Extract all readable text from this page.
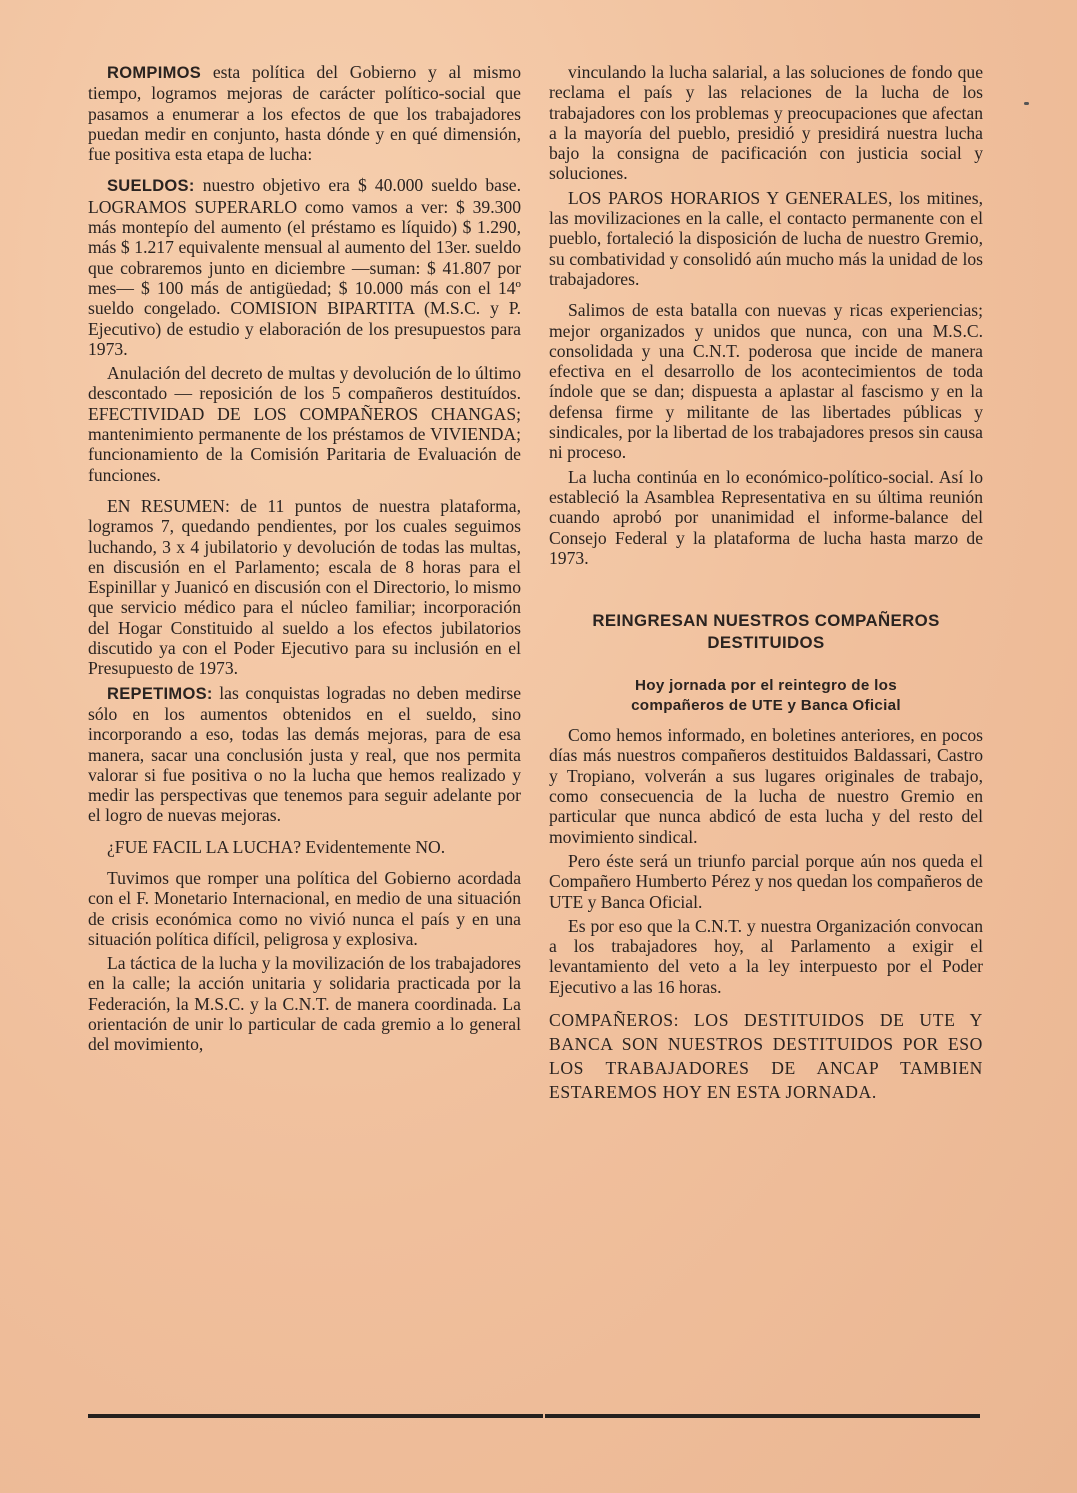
ROMPIMOS esta política del Gobierno y al mismo tiempo, logramos mejoras de carácter político-social que pasamos a enumerar a los efectos de que los trabajadores puedan medir en conjunto, hasta dónde y en qué dimensión, fue positiva esta etapa de lucha:

SUELDOS: nuestro objetivo era $ 40.000 sueldo base. LOGRAMOS SUPERARLO como vamos a ver: $ 39.300 más montepío del aumento (el préstamo es líquido) $ 1.290, más $ 1.217 equivalente mensual al aumento del 13er. sueldo que cobraremos junto en diciembre —suman: $ 41.807 por mes— $ 100 más de antigüedad; $ 10.000 más con el 14º sueldo congelado. COMISION BIPARTITA (M.S.C. y P. Ejecutivo) de estudio y elaboración de los presupuestos para 1973.

Anulación del decreto de multas y devolución de lo último descontado — reposición de los 5 compañeros destituídos. EFECTIVIDAD DE LOS COMPAÑEROS CHANGAS; mantenimiento permanente de los préstamos de VIVIENDA; funcionamiento de la Comisión Paritaria de Evaluación de funciones.

EN RESUMEN: de 11 puntos de nuestra plataforma, logramos 7, quedando pendientes, por los cuales seguimos luchando, 3 x 4 jubilatorio y devolución de todas las multas, en discusión en el Parlamento; escala de 8 horas para el Espinillar y Juanicó en discusión con el Directorio, lo mismo que servicio médico para el núcleo familiar; incorporación del Hogar Constituido al sueldo a los efectos jubilatorios discutido ya con el Poder Ejecutivo para su inclusión en el Presupuesto de 1973.

REPETIMOS: las conquistas logradas no deben medirse sólo en los aumentos obtenidos en el sueldo, sino incorporando a eso, todas las demás mejoras, para de esa manera, sacar una conclusión justa y real, que nos permita valorar si fue positiva o no la lucha que hemos realizado y medir las perspectivas que tenemos para seguir adelante por el logro de nuevas mejoras.

¿FUE FACIL LA LUCHA? Evidentemente NO.

Tuvimos que romper una política del Gobierno acordada con el F. Monetario Internacional, en medio de una situación de crisis económica como no vivió nunca el país y en una situación política difícil, peligrosa y explosiva.

La táctica de la lucha y la movilización de los trabajadores en la calle; la acción unitaria y solidaria practicada por la Federación, la M.S.C. y la C.N.T. de manera coordinada. La orientación de unir lo particular de cada gremio a lo general del movimiento,

vinculando la lucha salarial, a las soluciones de fondo que reclama el país y las relaciones de la lucha de los trabajadores con los problemas y preocupaciones que afectan a la mayoría del pueblo, presidió y presidirá nuestra lucha bajo la consigna de pacificación con justicia social y soluciones.

LOS PAROS HORARIOS Y GENERALES, los mitines, las movilizaciones en la calle, el contacto permanente con el pueblo, fortaleció la disposición de lucha de nuestro Gremio, su combatividad y consolidó aún mucho más la unidad de los trabajadores.

Salimos de esta batalla con nuevas y ricas experiencias; mejor organizados y unidos que nunca, con una M.S.C. consolidada y una C.N.T. poderosa que incide de manera efectiva en el desarrollo de los acontecimientos de toda índole que se dan; dispuesta a aplastar al fascismo y en la defensa firme y militante de las libertades públicas y sindicales, por la libertad de los trabajadores presos sin causa ni proceso.

La lucha continúa en lo económico-político-social. Así lo estableció la Asamblea Representativa en su última reunión cuando aprobó por unanimidad el informe-balance del Consejo Federal y la plataforma de lucha hasta marzo de 1973.

REINGRESAN NUESTROS COMPAÑEROS
DESTITUIDOS
Hoy jornada por el reintegro de los
compañeros de UTE y Banca Oficial

Como hemos informado, en boletines anteriores, en pocos días más nuestros compañeros destituidos Baldassari, Castro y Tropiano, volverán a sus lugares originales de trabajo, como consecuencia de la lucha de nuestro Gremio en particular que nunca abdicó de esta lucha y del resto del movimiento sindical.

Pero éste será un triunfo parcial porque aún nos queda el Compañero Humberto Pérez y nos quedan los compañeros de UTE y Banca Oficial.

Es por eso que la C.N.T. y nuestra Organización convocan a los trabajadores hoy, al Parlamento a exigir el levantamiento del veto a la ley interpuesto por el Poder Ejecutivo a las 16 horas.

COMPAÑEROS: LOS DESTITUIDOS DE UTE Y BANCA SON NUESTROS DESTITUIDOS POR ESO LOS TRABAJADORES DE ANCAP TAMBIEN ESTAREMOS HOY EN ESTA JORNADA.
